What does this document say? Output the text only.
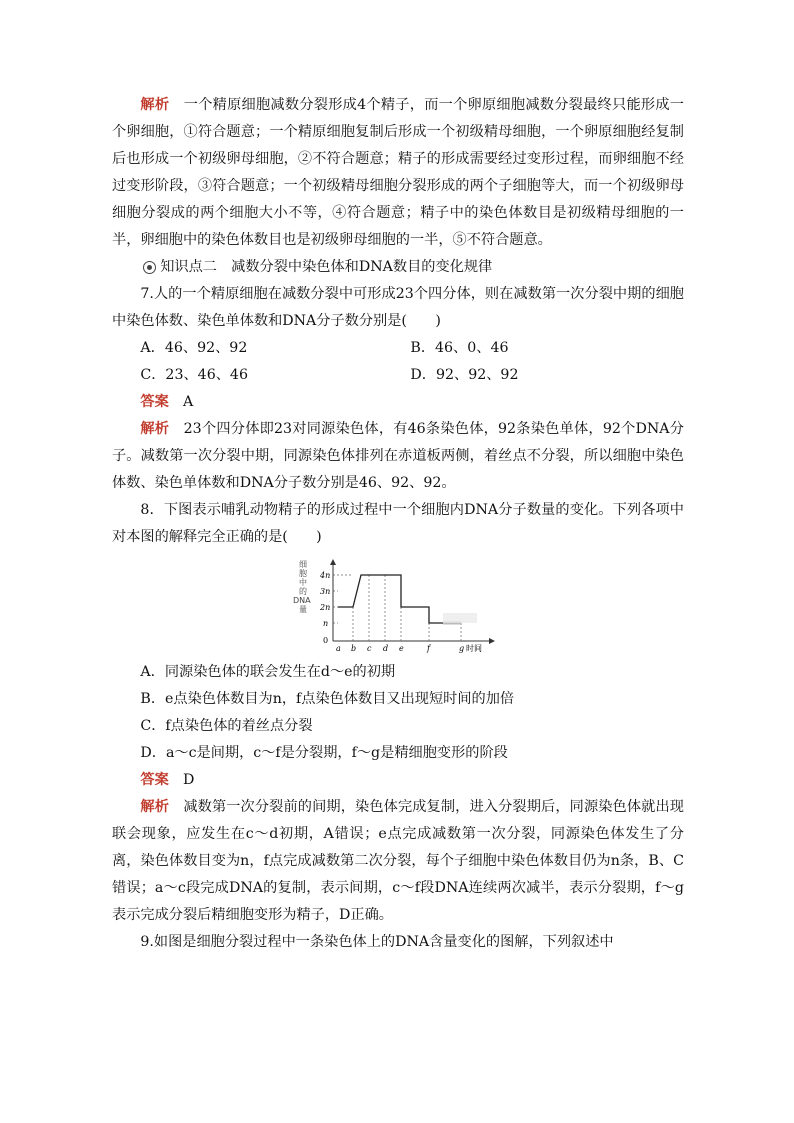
解析　 一个精原细胞减数分裂形成4个精子，而一个卵原细胞减数分裂最终只能形成一个卵细胞，①符合题意；一个精原细胞复制后形成一个初级精母细胞，一个卵原细胞经复制后也形成一个初级卵母细胞，②不符合题意；精子的形成需要经过变形过程，而卵细胞不经过变形阶段，③符合题意；一个初级精母细胞分裂形成的两个子细胞等大，而一个初级卵母细胞分裂成的两个细胞大小不等，④符合题意；精子中的染色体数目是初级精母细胞的一半，卵细胞中的染色体数目也是初级卵母细胞的一半，⑤不符合题意。

知识点二　减数分裂中染色体和DNA数目的变化规律

7.人的一个精原细胞在减数分裂中可形成23个四分体，则在减数第一次分裂中期的细胞中染色体数、染色单体数和DNA分子数分别是(　　)

A．46、92、92	B．46、0、46
C．23、46、46	D．92、92、92

答案　 A

解析　 23个四分体即23对同源染色体，有46条染色体，92条染色单体，92个DNA分子。减数第一次分裂中期，同源染色体排列在赤道板两侧，着丝点不分裂，所以细胞中染色体数、染色单体数和DNA分子数分别是46、92、92。

8．下图表示哺乳动物精子的形成过程中一个细胞内DNA分子数量的变化。下列各项中对本图的解释完全正确的是(　　)

细 胞 中 的 DNA 量
4n
3n
2n
n
0
a b c d e	f	g 时间

A．同源染色体的联会发生在d～e的初期

B．e点染色体数目为n，f点染色体数目又出现短时间的加倍

C．f点染色体的着丝点分裂

D．a～c是间期，c～f是分裂期，f～g是精细胞变形的阶段

答案　 D

解析　 减数第一次分裂前的间期，染色体完成复制，进入分裂期后，同源染色体就出现联会现象，应发生在c～d初期，A错误；e点完成减数第一次分裂，同源染色体发生了分离，染色体数目变为n，f点完成减数第二次分裂，每个子细胞中染色体数目仍为n条，B、C错误；a～c段完成DNA的复制，表示间期，c～f段DNA连续两次减半，表示分裂期，f～g表示完成分裂后精细胞变形为精子，D正确。

9.如图是细胞分裂过程中一条染色体上的DNA含量变化的图解，下列叙述中
